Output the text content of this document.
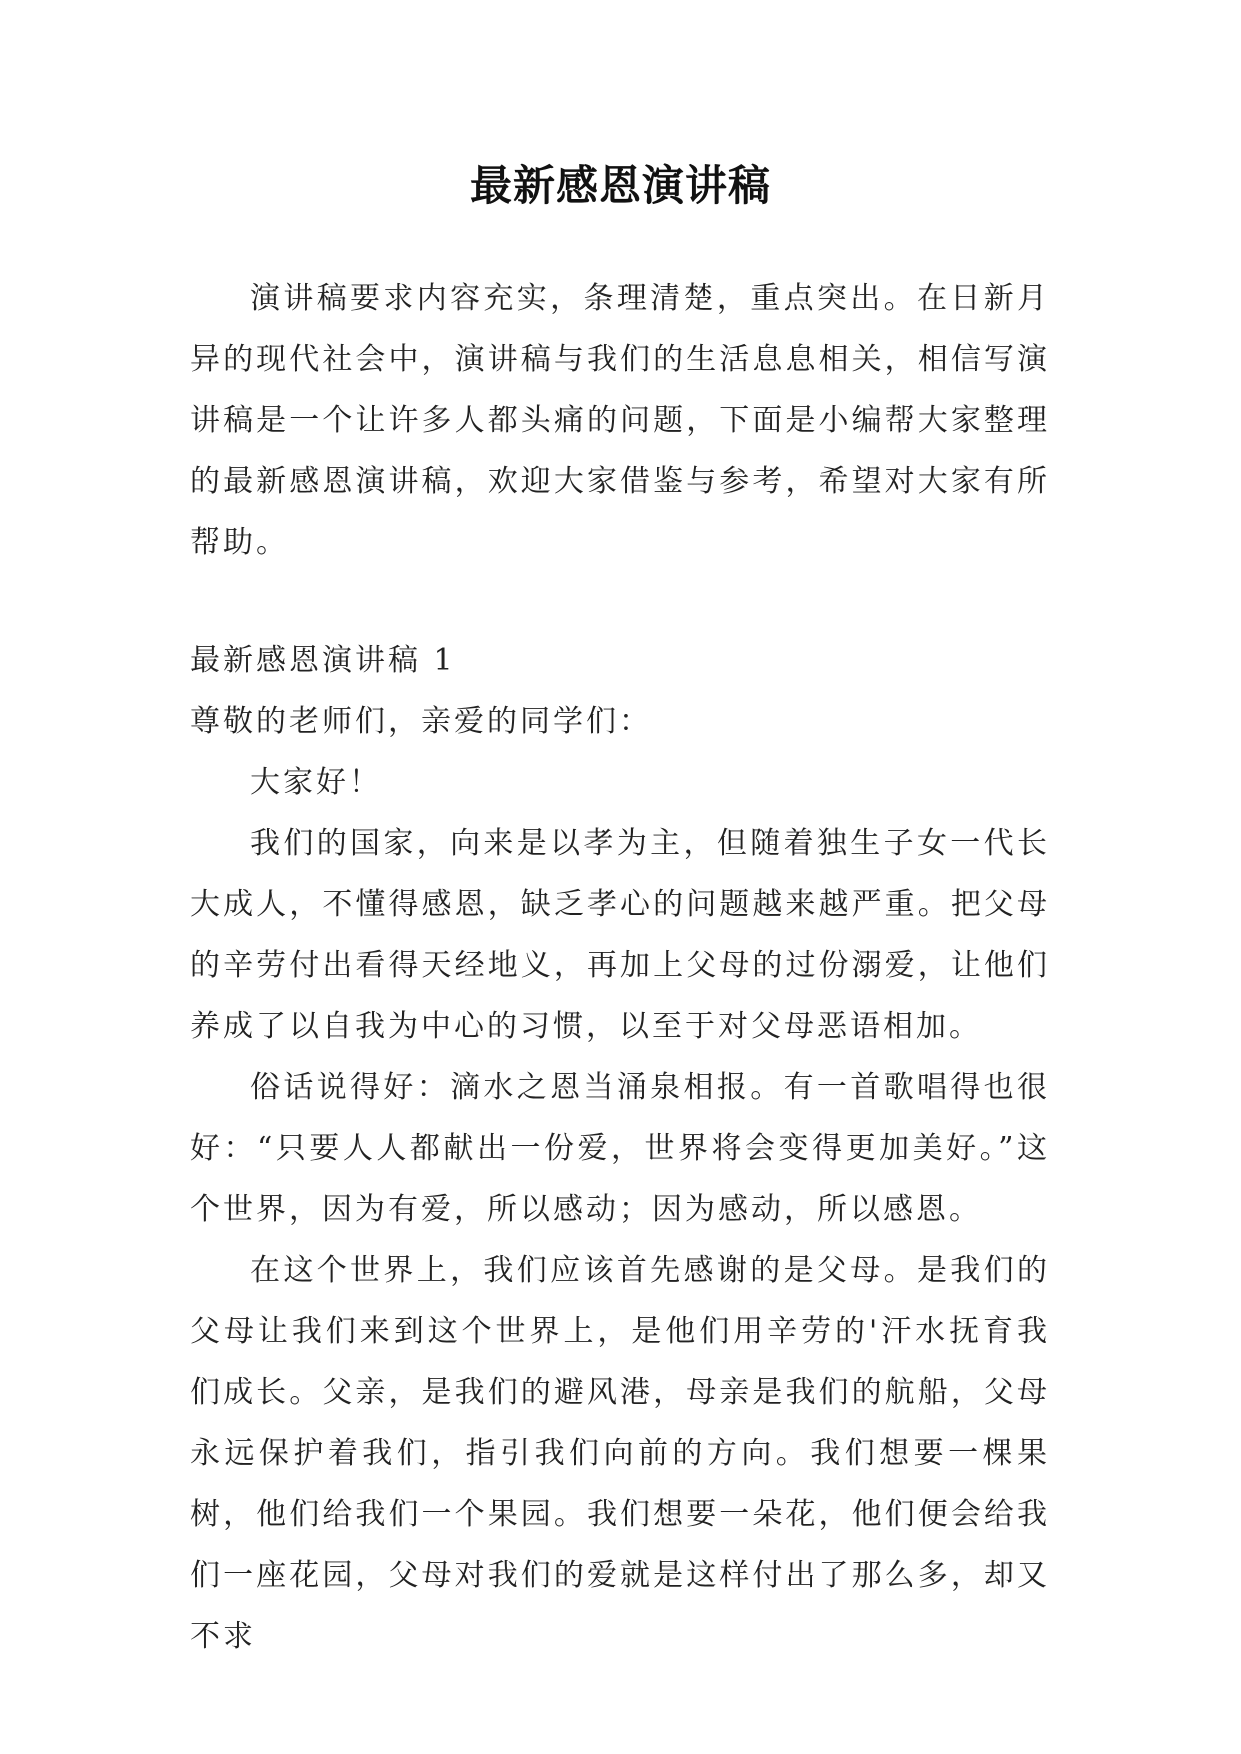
最新感恩演讲稿

演讲稿要求内容充实，条理清楚，重点突出。在日新月异的现代社会中，演讲稿与我们的生活息息相关，相信写演讲稿是一个让许多人都头痛的问题，下面是小编帮大家整理的最新感恩演讲稿，欢迎大家借鉴与参考，希望对大家有所帮助。

最新感恩演讲稿 1

尊敬的老师们，亲爱的同学们：

大家好！

我们的国家，向来是以孝为主，但随着独生子女一代长大成人，不懂得感恩，缺乏孝心的问题越来越严重。把父母的辛劳付出看得天经地义，再加上父母的过份溺爱，让他们养成了以自我为中心的习惯，以至于对父母恶语相加。

俗话说得好：滴水之恩当涌泉相报。有一首歌唱得也很好：“只要人人都献出一份爱，世界将会变得更加美好。”这个世界，因为有爱，所以感动；因为感动，所以感恩。

在这个世界上，我们应该首先感谢的是父母。是我们的父母让我们来到这个世界上，是他们用辛劳的'汗水抚育我们成长。父亲，是我们的避风港，母亲是我们的航船，父母永远保护着我们，指引我们向前的方向。我们想要一棵果树，他们给我们一个果园。我们想要一朵花，他们便会给我们一座花园，父母对我们的爱就是这样付出了那么多，却又不求
